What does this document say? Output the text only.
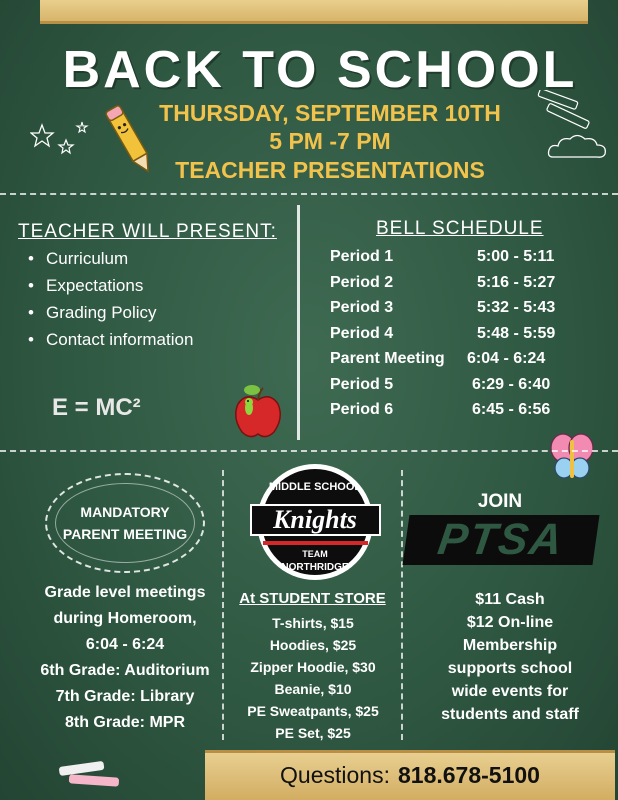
BACK TO SCHOOL
THURSDAY, SEPTEMBER 10TH
5 PM -7 PM
TEACHER PRESENTATIONS
TEACHER WILL PRESENT:
• Curriculum
• Expectations
• Grading Policy
• Contact information
E = MC²
BELL SCHEDULE
Period 1	5:00 - 5:11
Period 2	5:16 - 5:27
Period 3	5:32 - 5:43
Period 4	5:48 - 5:59
Parent Meeting 6:04 - 6:24
Period 5	6:29 - 6:40
Period 6	6:45 - 6:56
MANDATORY
PARENT MEETING
Grade level meetings
during Homeroom,
6:04 - 6:24
6th Grade: Auditorium
7th Grade: Library
8th Grade: MPR
MIDDLE SCHOOL
Knights
TEAM
NORTHRIDGE
At STUDENT STORE
T-shirts, $15
Hoodies, $25
Zipper Hoodie, $30
Beanie, $10
PE Sweatpants, $25
PE Set, $25
JOIN
PTSA
$11 Cash
$12 On-line
Membership
supports school
wide events for
students and staff
Questions: 818.678-5100
